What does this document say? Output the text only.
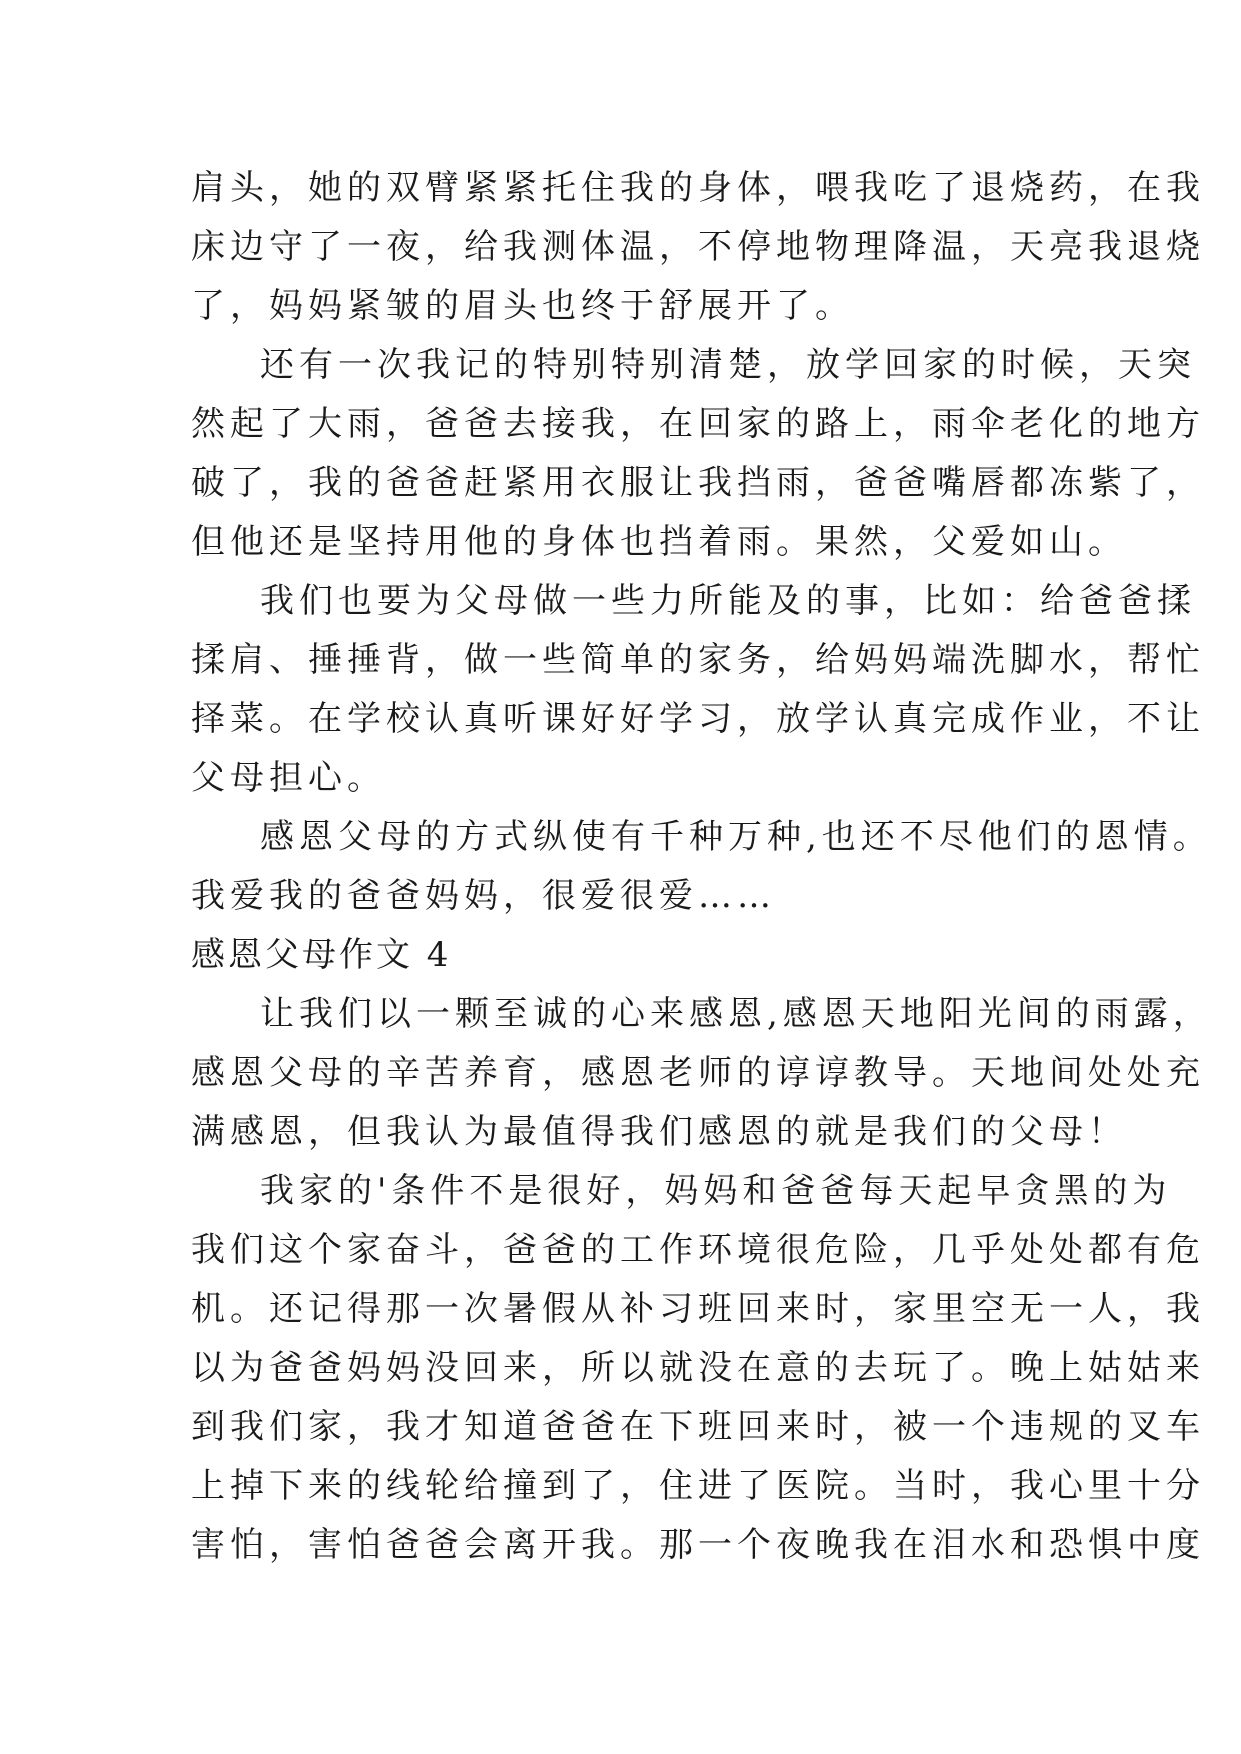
肩头，她的双臂紧紧托住我的身体，喂我吃了退烧药，在我
床边守了一夜，给我测体温，不停地物理降温，天亮我退烧
了，妈妈紧皱的眉头也终于舒展开了。
还有一次我记的特别特别清楚，放学回家的时候，天突
然起了大雨，爸爸去接我，在回家的路上，雨伞老化的地方
破了，我的爸爸赶紧用衣服让我挡雨，爸爸嘴唇都冻紫了，
但他还是坚持用他的身体也挡着雨。果然，父爱如山。
我们也要为父母做一些力所能及的事，比如：给爸爸揉
揉肩、捶捶背，做一些简单的家务，给妈妈端洗脚水，帮忙
择菜。在学校认真听课好好学习，放学认真完成作业，不让
父母担心。
感恩父母的方式纵使有千种万种,也还不尽他们的恩情。
我爱我的爸爸妈妈，很爱很爱……
感恩父母作文 4
让我们以一颗至诚的心来感恩,感恩天地阳光间的雨露，
感恩父母的辛苦养育，感恩老师的谆谆教导。天地间处处充
满感恩，但我认为最值得我们感恩的就是我们的父母！
我家的'条件不是很好，妈妈和爸爸每天起早贪黑的为
我们这个家奋斗，爸爸的工作环境很危险，几乎处处都有危
机。还记得那一次暑假从补习班回来时，家里空无一人，我
以为爸爸妈妈没回来，所以就没在意的去玩了。晚上姑姑来
到我们家，我才知道爸爸在下班回来时，被一个违规的叉车
上掉下来的线轮给撞到了，住进了医院。当时，我心里十分
害怕，害怕爸爸会离开我。那一个夜晚我在泪水和恐惧中度
